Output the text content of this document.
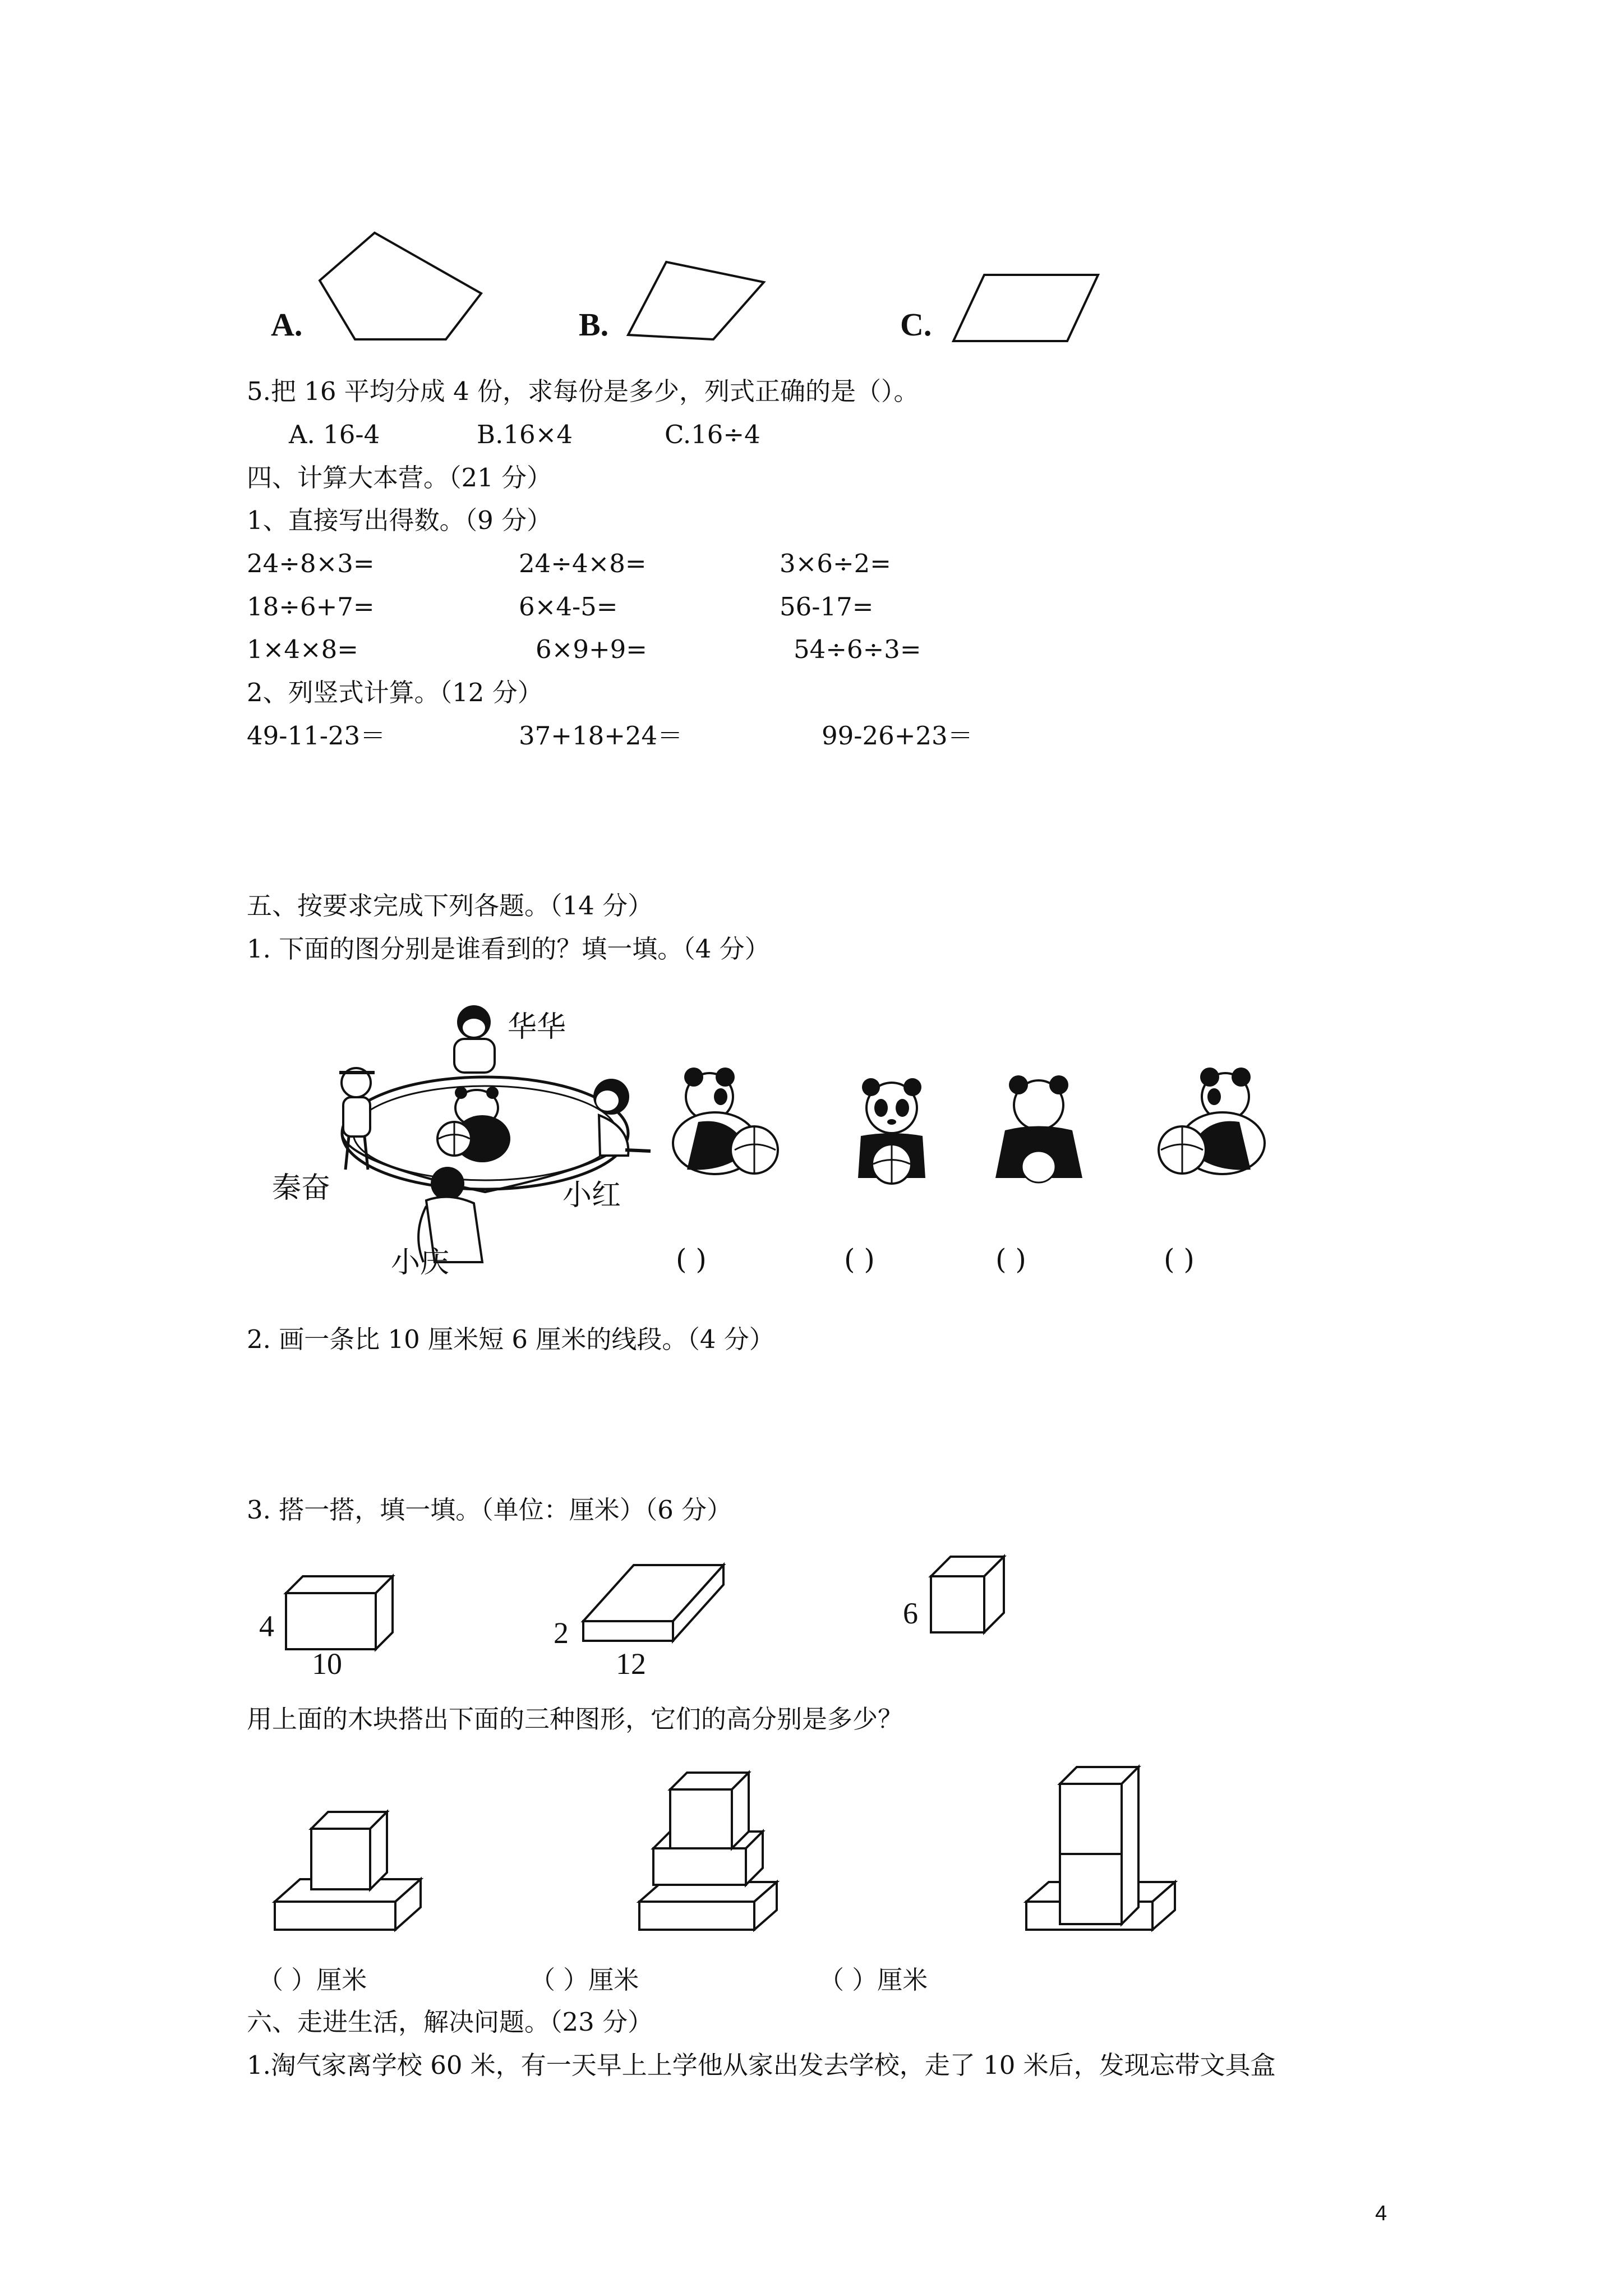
A.	B.	C.
5.把 16 平均分成 4 份，求每份是多少，列式正确的是（）。
A. 16-4	B.16×4	C.16÷4
四、计算大本营。（21 分）
1、直接写出得数。（9 分）
24÷8×3=	24÷4×8=	3×6÷2=
18÷6+7=	6×4-5=	56-17=
1×4×8=	6×9+9=	54÷6÷3=
2、列竖式计算。（12 分）
49-11-23＝	37+18+24＝	99-26+23＝
五、按要求完成下列各题。（14 分）
1. 下面的图分别是谁看到的？填一填。（4 分）
华华
秦奋	小红
小庆	( )	( )	( )	( )
2. 画一条比 10 厘米短 6 厘米的线段。（4 分）
3. 搭一搭，填一填。（单位：厘米）（6 分）
4
10
2
12
6
用上面的木块搭出下面的三种图形，它们的高分别是多少？
（ ）厘米	（ ）厘米	（ ）厘米
六、走进生活，解决问题。（23 分）
1.淘气家离学校 60 米，有一天早上上学他从家出发去学校，走了 10 米后，发现忘带文具盒
4
